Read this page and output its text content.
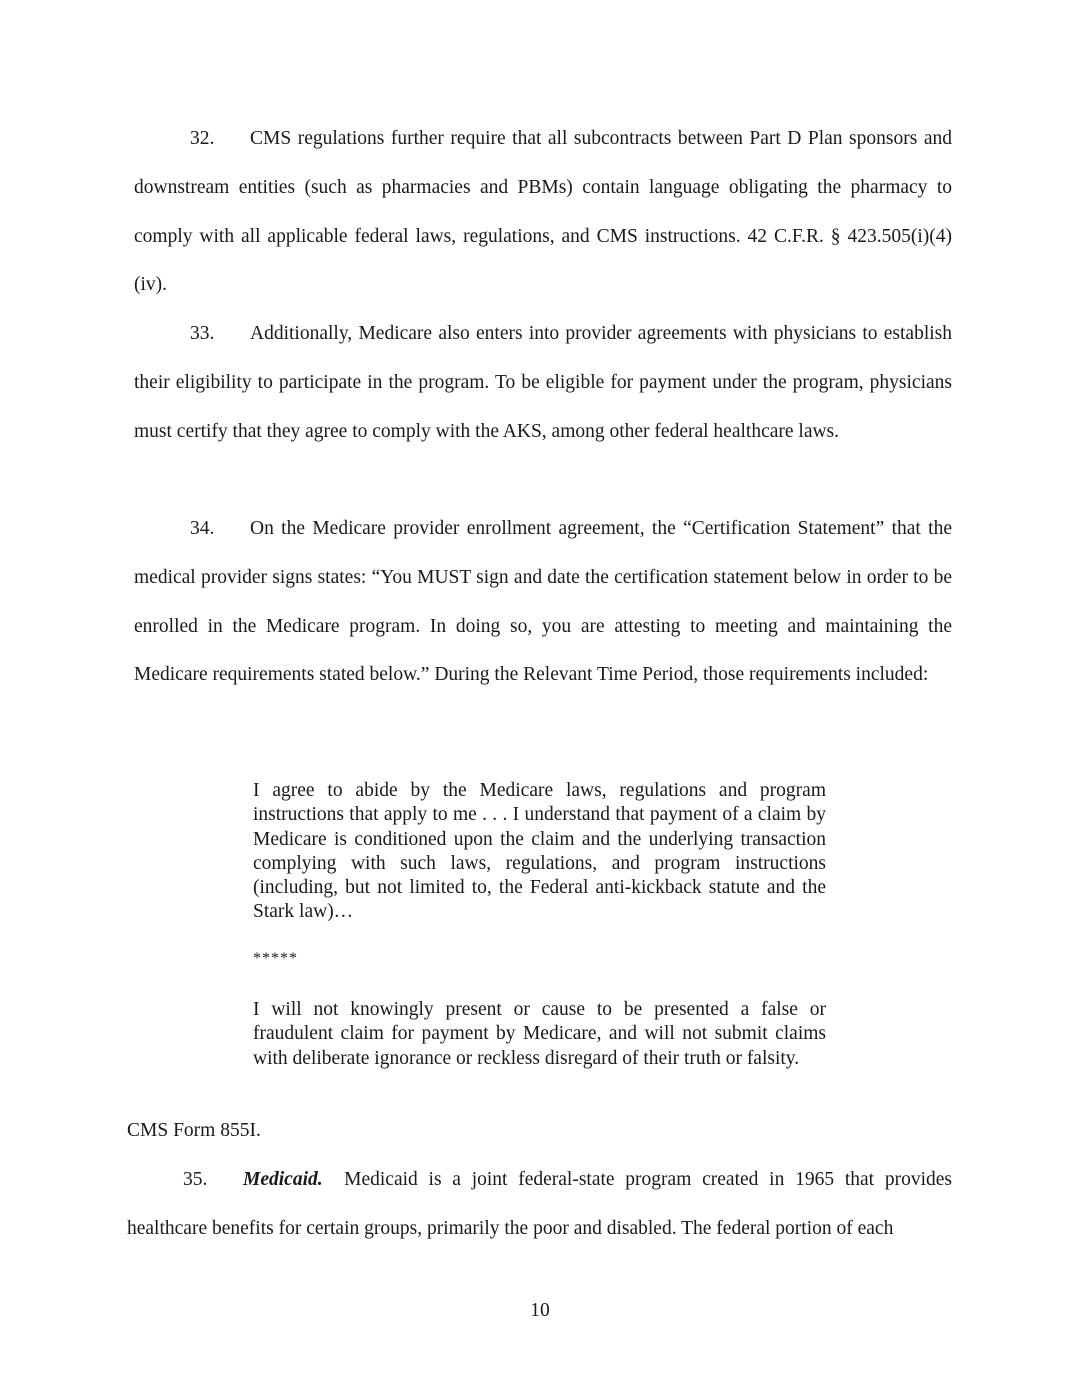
32. CMS regulations further require that all subcontracts between Part D Plan sponsors and downstream entities (such as pharmacies and PBMs) contain language obligating the pharmacy to comply with all applicable federal laws, regulations, and CMS instructions. 42 C.F.R. § 423.505(i)(4)(iv).

33. Additionally, Medicare also enters into provider agreements with physicians to establish their eligibility to participate in the program. To be eligible for payment under the program, physicians must certify that they agree to comply with the AKS, among other federal healthcare laws.

34. On the Medicare provider enrollment agreement, the “Certification Statement” that the medical provider signs states: “You MUST sign and date the certification statement below in order to be enrolled in the Medicare program. In doing so, you are attesting to meeting and maintaining the Medicare requirements stated below.” During the Relevant Time Period, those requirements included:

I agree to abide by the Medicare laws, regulations and program instructions that apply to me . . . I understand that payment of a claim by Medicare is conditioned upon the claim and the underlying transaction complying with such laws, regulations, and program instructions (including, but not limited to, the Federal anti-kickback statute and the Stark law)…

*****

I will not knowingly present or cause to be presented a false or fraudulent claim for payment by Medicare, and will not submit claims with deliberate ignorance or reckless disregard of their truth or falsity.

CMS Form 855I.

35. Medicaid. Medicaid is a joint federal-state program created in 1965 that provides healthcare benefits for certain groups, primarily the poor and disabled. The federal portion of each

10
